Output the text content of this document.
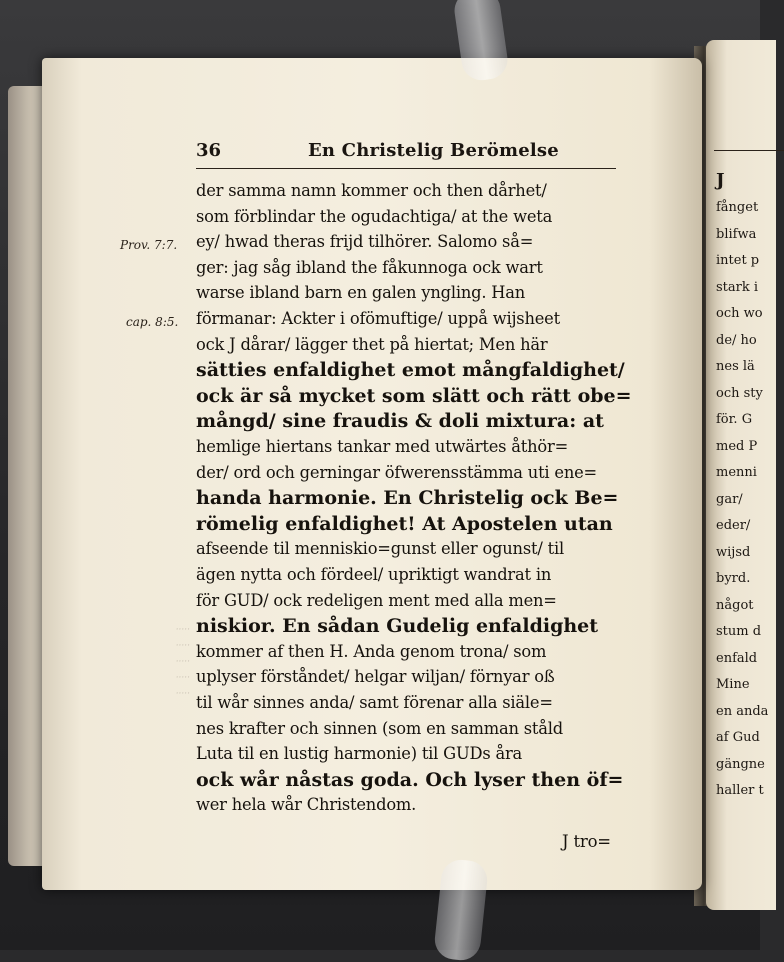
J
fånget
blifwa
intet p
stark i
och wo
de/ ho
nes lä
och sty
för. G
med P
menni
gar/
eder/
wijsd
byrd.
något
stum d
enfald
Mine
en anda
af Gud
gängne
haller t
36	En Christelig Berömelse
Prov. 7:7.
cap. 8:5.
·····
·····
·····
·····
·····
der samma namn kommer och then dårhet/
som förblindar the ogudachtiga/ at the weta
ey/ hwad theras frijd tilhörer. Salomo så=
ger: jag såg ibland the fåkunnoga ock wart
warse ibland barn en galen yngling. Han
förmanar: Ackter i ofömuftige/ uppå wijsheet
ock J dårar/ lägger thet på hiertat; Men här
sätties enfaldighet emot mångfaldighet/
ock är så mycket som slätt och rätt obe=
mångd/ sine fraudis & doli mixtura: at
hemlige hiertans tankar med utwärtes åthör=
der/ ord och gerningar öfwerensstämma uti ene=
handa harmonie. En Christelig ock Be=
römelig enfaldighet! At Apostelen utan
afseende til menniskio=gunst eller ogunst/ til
ägen nytta och fördeel/ upriktigt wandrat in
för GUD/ ock redeligen ment med alla men=
niskior. En sådan Gudelig enfaldighet
kommer af then H. Anda genom trona/ som
uplyser förståndet/ helgar wiljan/ förnyar oß
til wår sinnes anda/ samt förenar alla siäle=
nes krafter och sinnen (som en samman ståld
Luta til en lustig harmonie) til GUDs åra
ock wår nåstas goda. Och lyser then öf=
wer hela wår Christendom.
J tro=
